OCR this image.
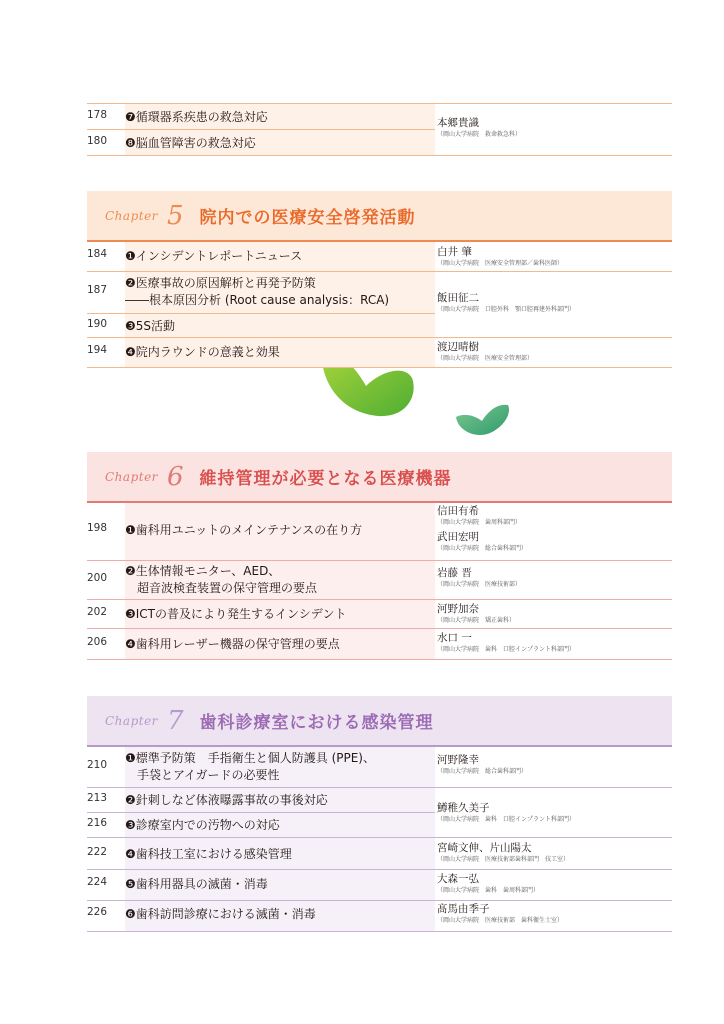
178	❼循環器系疾患の救急対応
180	❽脳血管障害の救急対応
本郷貴識
（岡山大学病院　救命救急科）
Chapter 5 院内での医療安全啓発活動
184	❶インシデントレポートニュース	白井 肇
（岡山大学病院　医療安全管理部／歯科医師）
187	❷医療事故の原因解析と再発予防策
――根本原因分析 (Root cause analysis：RCA)
190	❸5S活動
飯田征二
（岡山大学病院　口腔外科　顎口腔再建外科部門）
194	❹院内ラウンドの意義と効果	渡辺晴樹
（岡山大学病院　医療安全管理部）
Chapter 6 維持管理が必要となる医療機器
198	❶歯科用ユニットのメインテナンスの在り方
信田有希
（岡山大学病院　歯周科部門）
武田宏明
（岡山大学病院　総合歯科部門）
200	❷生体情報モニター、AED、
　超音波検査装置の保守管理の要点
岩藤 晋
（岡山大学病院　医療技術部）
202	❸ICTの普及により発生するインシデント	河野加奈
（岡山大学病院　矯正歯科）
206	❹歯科用レーザー機器の保守管理の要点	水口 一
（岡山大学病院　歯科　口腔インプラント科部門）
Chapter 7 歯科診療室における感染管理
210	❶標準予防策　手指衛生と個人防護具 (PPE)、
　手袋とアイガードの必要性
河野隆幸
（岡山大学病院　総合歯科部門）
213	❷針刺しなど体液曝露事故の事後対応
216	❸診療室内での汚物への対応
鱒稚久美子
（岡山大学病院　歯科　口腔インプラント科部門）
222	❹歯科技工室における感染管理	宮崎文伸、片山陽太
（岡山大学病院　医療技術部歯科部門　技工室）
224	❺歯科用器具の滅菌・消毒	大森一弘
（岡山大学病院　歯科　歯周科部門）
226	❻歯科訪問診療における滅菌・消毒	髙馬由季子
（岡山大学病院　医療技術部　歯科衛生士室）
